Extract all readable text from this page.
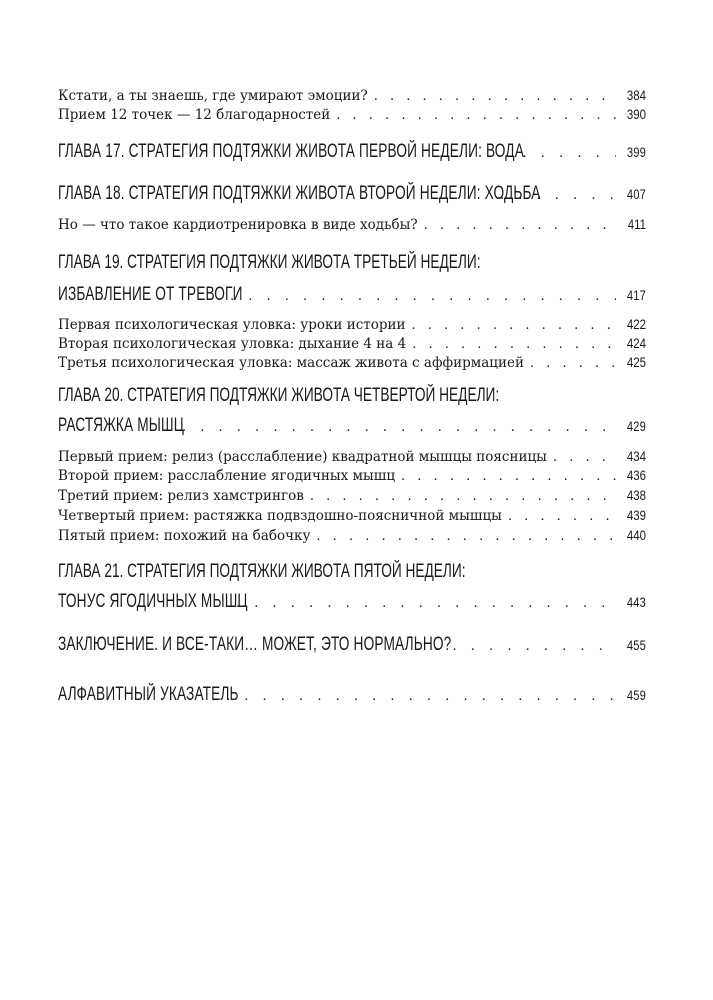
Кстати, а ты знаешь, где умирают эмоции? . . .	384
Прием 12 точек — 12 благодарностей . . .	390
ГЛАВА 17. СТРАТЕГИЯ ПОДТЯЖКИ ЖИВОТА ПЕРВОЙ НЕДЕЛИ: ВОДА . . .	399
ГЛАВА 18. СТРАТЕГИЯ ПОДТЯЖКИ ЖИВОТА ВТОРОЙ НЕДЕЛИ: ХОДЬБА . . .	407
Но — что такое кардиотренировка в виде ходьбы? . . .	411
ГЛАВА 19. СТРАТЕГИЯ ПОДТЯЖКИ ЖИВОТА ТРЕТЬЕЙ НЕДЕЛИ:
ИЗБАВЛЕНИЕ ОТ ТРЕВОГИ . . .	417
Первая психологическая уловка: уроки истории . . .	422
Вторая психологическая уловка: дыхание 4 на 4 . . .	424
Третья психологическая уловка: массаж живота с аффирмацией . . .	425
ГЛАВА 20. СТРАТЕГИЯ ПОДТЯЖКИ ЖИВОТА ЧЕТВЕРТОЙ НЕДЕЛИ:
РАСТЯЖКА МЫШЦ . . .	429
Первый прием: релиз (расслабление) квадратной мышцы поясницы . . .	434
Второй прием: расслабление ягодичных мышц . . .	436
Третий прием: релиз хамстрингов . . .	438
Четвертый прием: растяжка подвздошно-поясничной мышцы . . .	439
Пятый прием: похожий на бабочку . . .	440
ГЛАВА 21. СТРАТЕГИЯ ПОДТЯЖКИ ЖИВОТА ПЯТОЙ НЕДЕЛИ:
ТОНУС ЯГОДИЧНЫХ МЫШЦ . . .	443
ЗАКЛЮЧЕНИЕ. И ВСЕ-ТАКИ… МОЖЕТ, ЭТО НОРМАЛЬНО? . . .	455
АЛФАВИТНЫЙ УКАЗАТЕЛЬ . . .	459
